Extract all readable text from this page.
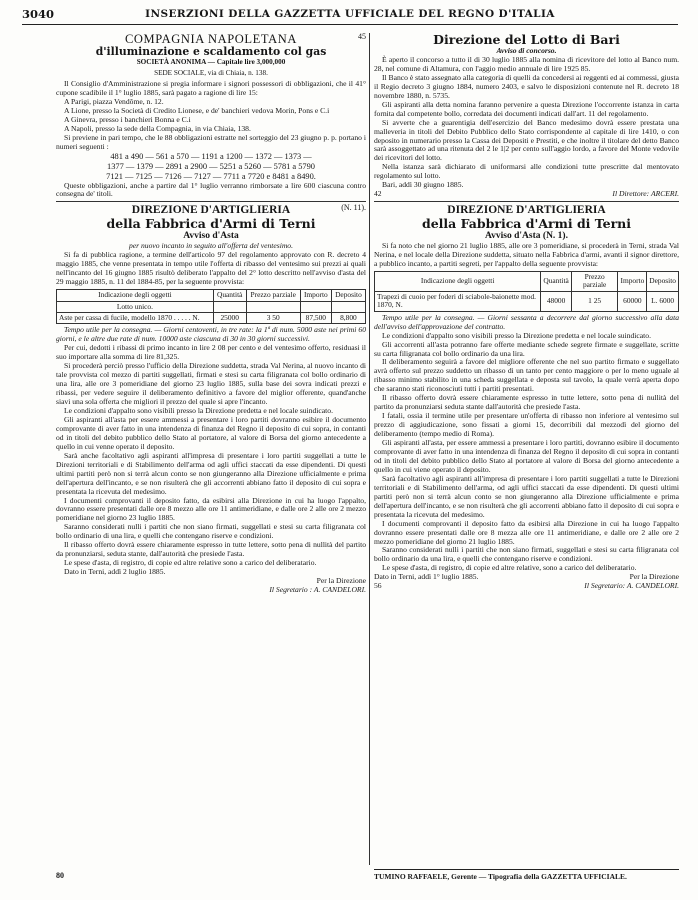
3040	INSERZIONI DELLA GAZZETTA UFFICIALE DEL REGNO D'ITALIA
45
COMPAGNIA NAPOLETANA
d'illuminazione e scaldamento col gas
SOCIETÀ ANONIMA — Capitale lire 3,000,000
SEDE SOCIALE, via di Chiaia, n. 138.

Il Consiglio d'Amministrazione si pregia informare i signori possessori di obbligazioni, che il 41° cupone scadibile il 1° luglio 1885, sarà pagato a ragione di lire 15:

A Parigi, piazza Vendôme, n. 12.

A Lione, presso la Società di Credito Lionese, e de' banchieri vedova Morin, Pons e C.i

A Ginevra, presso i banchieri Bonna e C.i

A Napoli, presso la sede della Compagnia, in via Chiaia, 138.

Si previene in pari tempo, che le 88 obbligazioni estratte nel sorteggio del 23 giugno p. p. portano i numeri seguenti :

481 a 490 — 561 a 570 — 1191 a 1200 — 1372 — 1373 —
1377 — 1379 — 2891 a 2900 — 5251 a 5260 — 5781 a 5790
7121 — 7125 — 7126 — 7127 — 7711 a 7720 e 8481 a 8490.

Queste obbligazioni, anche a partire dal 1° luglio verranno rimborsate a lire 600 ciascuna contro consegna de' titoli.

(N. 11).
DIREZIONE D'ARTIGLIERIA
della Fabbrica d'Armi di Terni
Avviso d'Asta
per nuovo incanto in seguito all'offerta del ventesimo.

Si fa di pubblica ragione, a termine dell'articolo 97 del regolamento approvato con R. decreto 4 maggio 1885, che venne presentata in tempo utile l'offerta di ribasso del ventesimo sui prezzi ai quali nell'incanto del 16 giugno 1885 risultò deliberato l'appalto del 2° lotto descritto nell'avviso d'asta del 29 maggio 1885, n. 11 del 1884-85, per la seguente provvista:

Indicazione degli oggetti	Quantità	Prezzo parziale	Importo	Deposito
Lotto unico.				
Aste per cassa di fucile, modello 1870 . . . . . N.	25000	3 50	87,500	8,800

Tempo utile per la consegna. — Giorni centoventi, in tre rate: la 1ª di num. 5000 aste nei primi 60 giorni, e le altre due rate di num. 10000 aste ciascuna di 30 in 30 giorni successivi.

Per cui, dedotti i ribassi di primo incanto in lire 2 08 per cento e del ventesimo offerto, residuasi il suo importare alla somma di lire 81,325.

Si procederà perciò presso l'ufficio della Direzione suddetta, strada Val Nerina, al nuovo incanto di tale provvista col mezzo di partiti suggellati, firmati e stesi su carta filigranata col bollo ordinario di una lira, alle ore 3 pomeridiane del giorno 23 luglio 1885, sulla base dei sovra indicati prezzi e ribassi, per vedere seguire il deliberamento definitivo a favore del miglior offerente, quand'anche siavi una sola offerta che migliori il prezzo del quale si apre l'incanto.

Le condizioni d'appalto sono visibili presso la Direzione predetta e nel locale suindicato.

Gli aspiranti all'asta per essere ammessi a presentare i loro partiti dovranno esibire il documento comprovante di aver fatto in una intendenza di finanza del Regno il deposito di cui sopra, in contanti od in titoli del debito pubblico dello Stato al portatore, al valore di Borsa del giorno antecedente a quello in cui venne operato il deposito.

Sarà anche facoltativo agli aspiranti all'impresa di presentare i loro partiti suggellati a tutte le Direzioni territoriali e di Stabilimento dell'arma od agli uffici staccati da esse dipendenti. Di questi ultimi partiti però non si terrà alcun conto se non giungeranno alla Direzione ufficialmente e prima dell'apertura dell'incanto, e se non risulterà che gli accorrenti abbiano fatto il deposito di cui sopra e presentata la ricevuta del medesimo.

I documenti comprovanti il deposito fatto, da esibirsi alla Direzione in cui ha luogo l'appalto, dovranno essere presentati dalle ore 8 mezzo alle ore 11 antimeridiane, e dalle ore 2 alle ore 2 mezzo pomeridiane nel giorno 23 luglio 1885.

Saranno considerati nulli i partiti che non siano firmati, suggellati e stesi su carta filigranata col bollo ordinario di una lira, e quelli che contengano riserve e condizioni.

Il ribasso offerto dovrà essere chiaramente espresso in tutte lettere, sotto pena di nullità del partito da pronunziarsi, seduta stante, dall'autorità che presiede l'asta.

Le spese d'asta, di registro, di copie ed altre relative sono a carico del deliberatario.

Dato in Terni, addì 2 luglio 1885.

Per la Direzione
Il Segretario : A. CANDELORI.
80
Direzione del Lotto di Bari
Avviso di concorso.

È aperto il concorso a tutto il di 30 luglio 1885 alla nomina di ricevitore del lotto al Banco num. 28, nel comune di Altamura, con l'aggio medio annuale di lire 1925 85.

Il Banco è stato assegnato alla categoria di quelli da concedersi ai reggenti ed ai commessi, giusta il Regio decreto 3 giugno 1884, numero 2403, e salvo le disposizioni contenute nel R. decreto 18 novembre 1880, n. 5735.

Gli aspiranti alla detta nomina faranno pervenire a questa Direzione l'occorrente istanza in carta fornita dal competente bollo, corredata dei documenti indicati dall'art. 11 del regolamento.

Si avverte che a guarentigia dell'esercizio del Banco medesimo dovrà essere prestata una malleveria in titoli del Debito Pubblico dello Stato corrispondente al capitale di lire 1410, o con deposito in numerario presso la Cassa dei Depositi e Prestiti, e che inoltre il titolare del detto Banco sarà assoggettato ad una ritenuta del 2 le 1|2 per cento sull'aggio lordo, a favore del Monte vedovile dei ricevitori del lotto.

Nella istanza sarà dichiarato di uniformarsi alle condizioni tutte prescritte dal mentovato regolamento sul lotto.

Bari, addì 30 giugno 1885.

42	Il Direttore: ARCERI.
DIREZIONE D'ARTIGLIERIA
della Fabbrica d'Armi di Terni
Avviso d'Asta (N. 1).

Si fa noto che nel giorno 21 luglio 1885, alle ore 3 pomeridiane, si procederà in Terni, strada Val Nerina, e nel locale della Direzione suddetta, situato nella Fabbrica d'armi, avanti il signor direttore, a pubblico incanto, a partiti segreti, per l'appalto della seguente provvista:

Indicazione degli oggetti	Quantità	Prezzo parziale	Importo	Deposito
Trapezi di cuoio per foderi di sciabole-baionette mod. 1870, N.	48000	1 25	60000	L. 6000

Tempo utile per la consegna. — Giorni sessanta a decorrere dal giorno successivo alla data dell'avviso dell'approvazione del contratto.

Le condizioni d'appalto sono visibili presso la Direzione predetta e nel locale suindicato.

Gli accorrenti all'asta potranno fare offerte mediante schede segrete firmate e suggellate, scritte su carta filigranata col bollo ordinario da una lira.

Il deliberamento seguirà a favore del migliore offerente che nel suo partito firmato e suggellato avrà offerto sul prezzo suddetto un ribasso di un tanto per cento maggiore o per lo meno uguale al ribasso minimo stabilito in una scheda suggellata e deposta sul tavolo, la quale verrà aperta dopo che saranno stati riconosciuti tutti i partiti presentati.

Il ribasso offerto dovrà essere chiaramente espresso in tutte lettere, sotto pena di nullità del partito da pronunziarsi seduta stante dall'autorità che presiede l'asta.

I fatali, ossia il termine utile per presentare un'offerta di ribasso non inferiore al ventesimo sul prezzo di aggiudicazione, sono fissati a giorni 15, decorribili dal mezzodì del giorno del deliberamento (tempo medio di Roma).

Gli aspiranti all'asta, per essere ammessi a presentare i loro partiti, dovranno esibire il documento comprovante di aver fatto in una intendenza di finanza del Regno il deposito di cui sopra in contanti od in titoli del debito pubblico dello Stato al portatore al valore di Borsa del giorno antecedente a quello in cui viene operato il deposito.

Sarà facoltativo agli aspiranti all'impresa di presentare i loro partiti suggellati a tutte le Direzioni territoriali e di Stabilimento dell'arma, od agli uffici staccati da esse dipendenti. Di questi ultimi partiti però non si terrà alcun conto se non giungeranno alla Direzione ufficialmente e prima dell'apertura dell'incanto, e se non risulterà che gli accorrenti abbiano fatto il deposito di cui sopra e presentata la ricevuta del medesimo.

I documenti comprovanti il deposito fatto da esibirsi alla Direzione in cui ha luogo l'appalto dovranno essere presentati dalle ore 8 mezza alle ore 11 antimeridiane, e dalle ore 2 alle ore 2 mezzo pomeridiane del giorno 21 luglio 1885.

Saranno considerati nulli i partiti che non siano firmati, suggellati e stesi su carta filigranata col bollo ordinario da una lira, e quelli che contengano riserve e condizioni.

Le spese d'asta, di registro, di copie ed altre relative, sono a carico del deliberatario.

Dato in Terni, addì 1° luglio 1885.	Per la Direzione
56	Il Segretario: A. CANDELORI.
TUMINO RAFFAELE, Gerente — Tipografia della GAZZETTA UFFICIALE.
